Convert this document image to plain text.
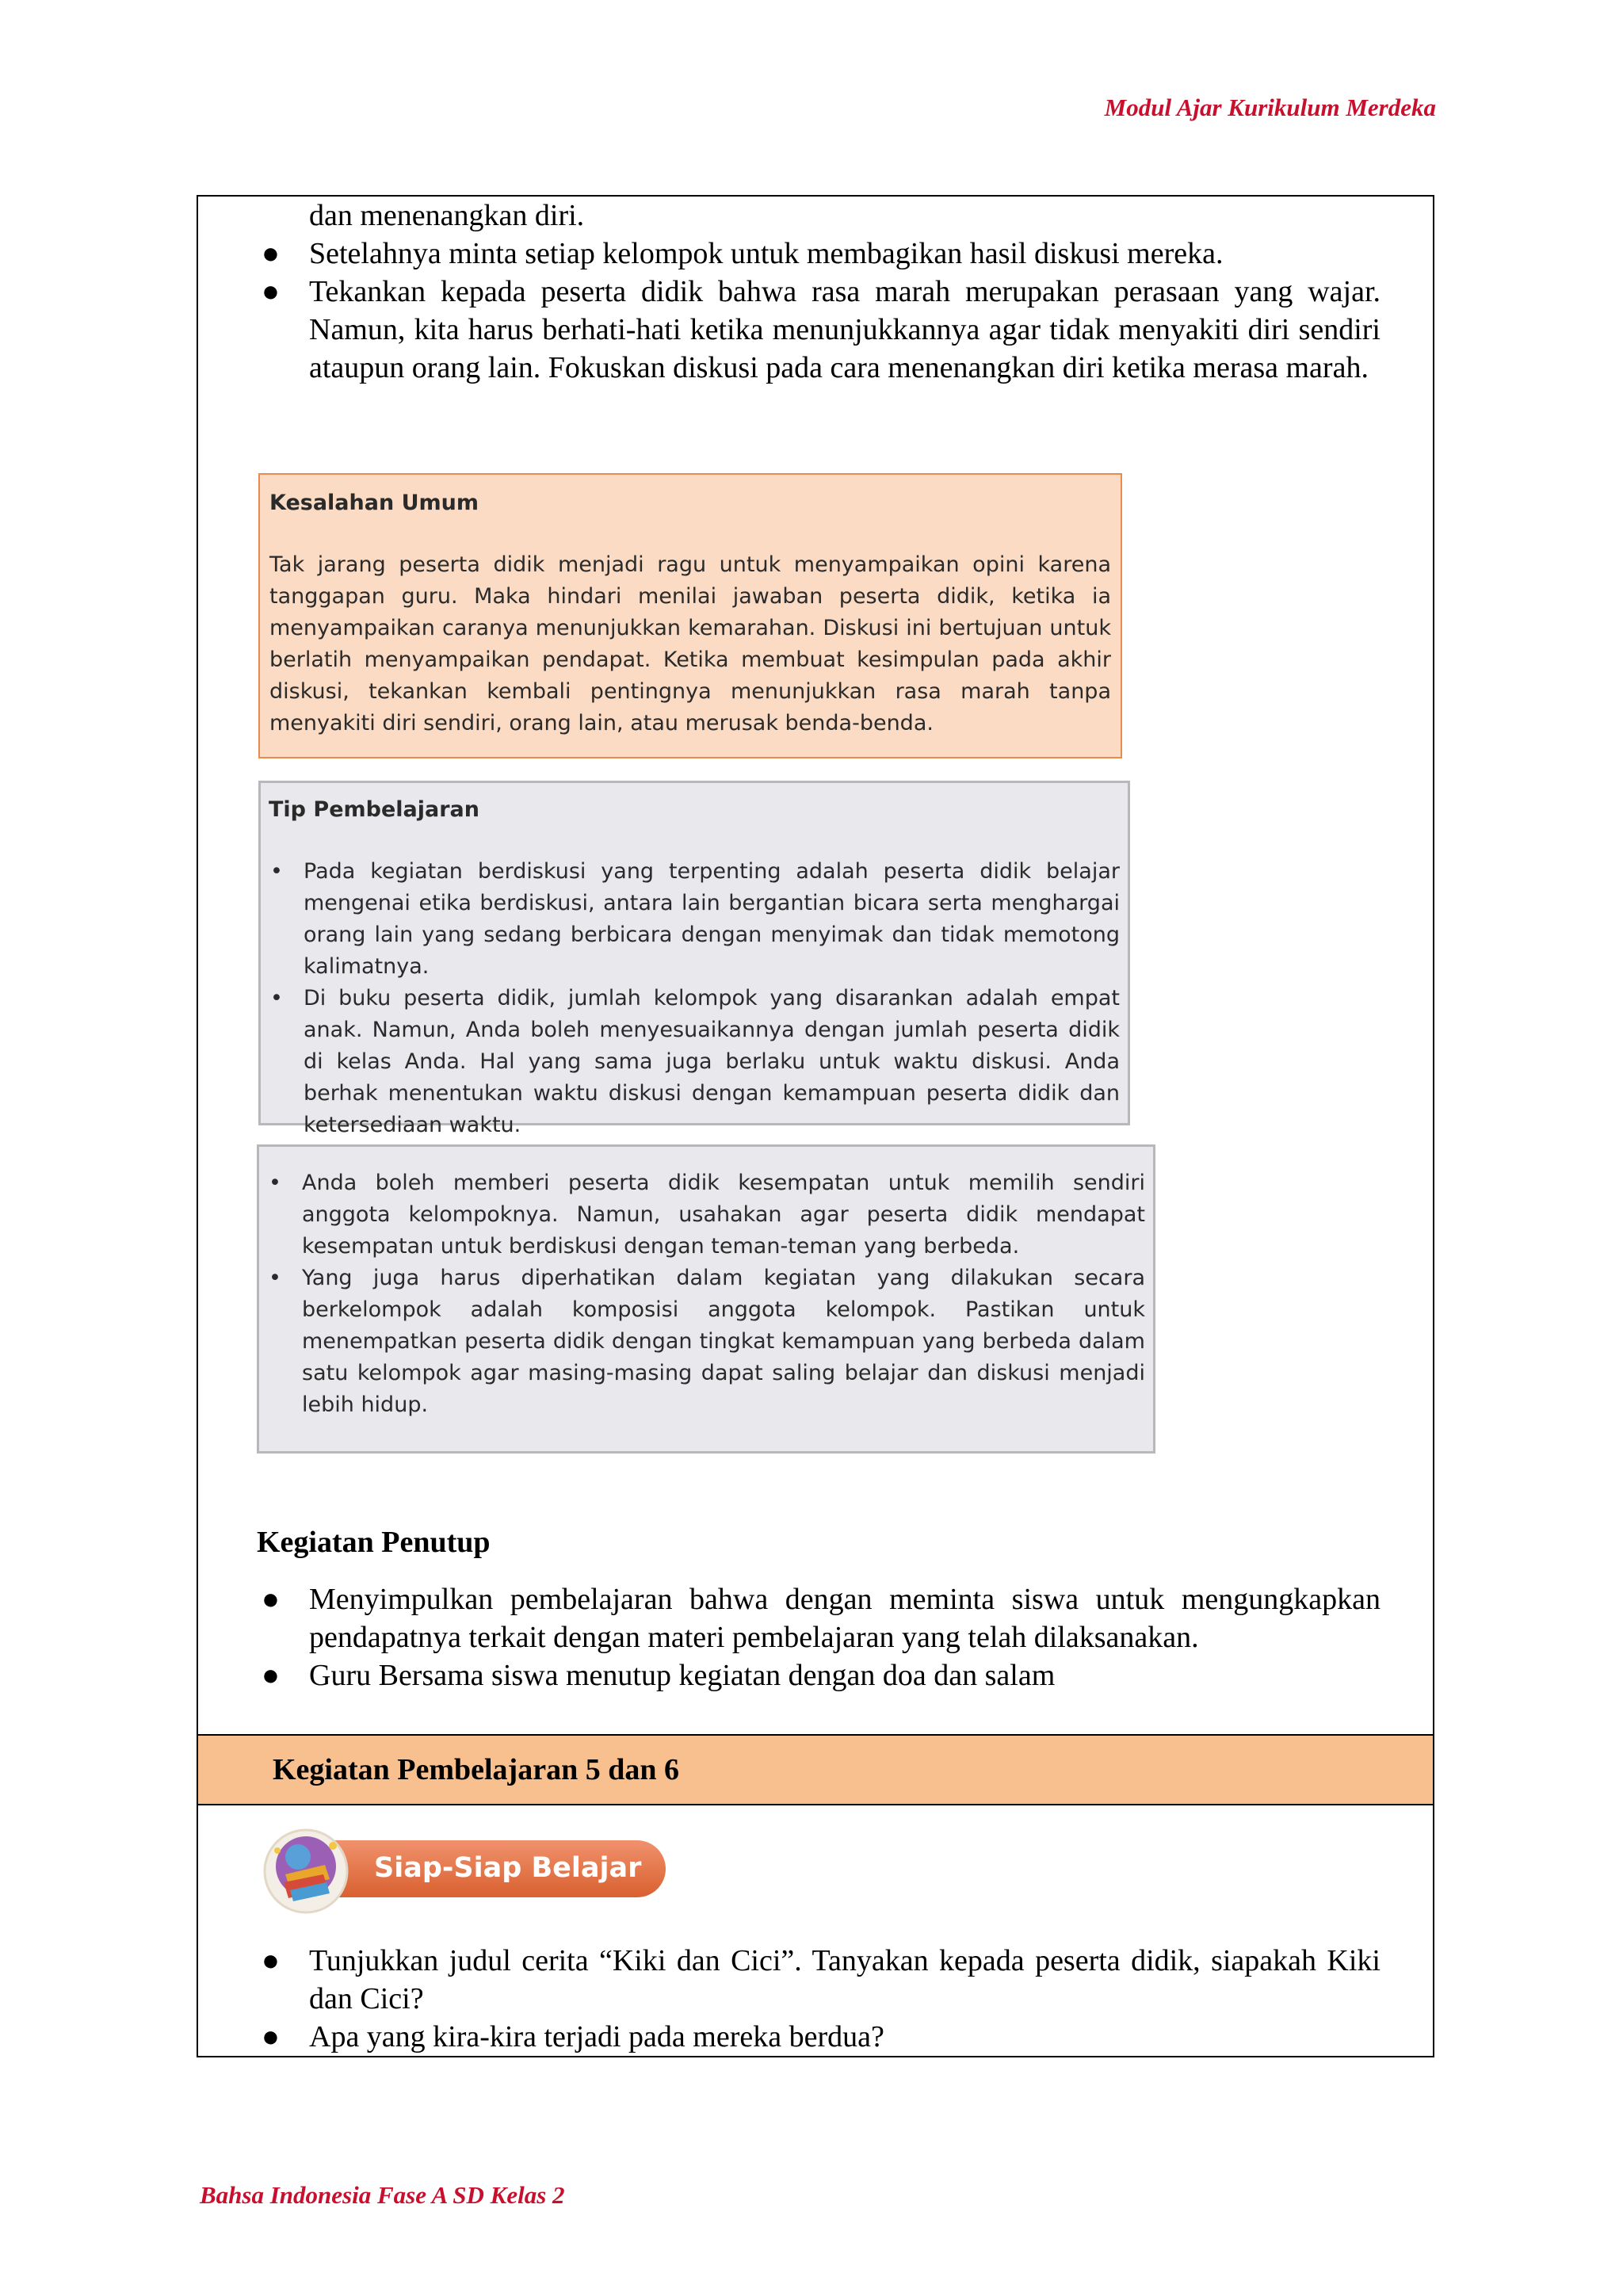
Modul Ajar Kurikulum Merdeka
dan menenangkan diri.
● Setelahnya minta setiap kelompok untuk membagikan hasil diskusi mereka.
● Tekankan kepada peserta didik bahwa rasa marah merupakan perasaan yang wajar. Namun, kita harus berhati-hati ketika menunjukkannya agar tidak menyakiti diri sendiri ataupun orang lain. Fokuskan diskusi pada cara menenangkan diri ketika merasa marah.
Kesalahan Umum
Tak jarang peserta didik menjadi ragu untuk menyampaikan opini karena tanggapan guru. Maka hindari menilai jawaban peserta didik, ketika ia menyampaikan caranya menunjukkan kemarahan. Diskusi ini bertujuan untuk berlatih menyampaikan pendapat. Ketika membuat kesimpulan pada akhir diskusi, tekankan kembali pentingnya menunjukkan rasa marah tanpa menyakiti diri sendiri, orang lain, atau merusak benda-benda.
Tip Pembelajaran
• Pada kegiatan berdiskusi yang terpenting adalah peserta didik belajar mengenai etika berdiskusi, antara lain bergantian bicara serta menghargai orang lain yang sedang berbicara dengan menyimak dan tidak memotong kalimatnya.
• Di buku peserta didik, jumlah kelompok yang disarankan adalah empat anak. Namun, Anda boleh menyesuaikannya dengan jumlah peserta didik di kelas Anda. Hal yang sama juga berlaku untuk waktu diskusi. Anda berhak menentukan waktu diskusi dengan kemampuan peserta didik dan ketersediaan waktu.
• Anda boleh memberi peserta didik kesempatan untuk memilih sendiri anggota kelompoknya. Namun, usahakan agar peserta didik mendapat kesempatan untuk berdiskusi dengan teman-teman yang berbeda.
• Yang juga harus diperhatikan dalam kegiatan yang dilakukan secara berkelompok adalah komposisi anggota kelompok. Pastikan untuk menempatkan peserta didik dengan tingkat kemampuan yang berbeda dalam satu kelompok agar masing-masing dapat saling belajar dan diskusi menjadi lebih hidup.
Kegiatan Penutup
● Menyimpulkan pembelajaran bahwa dengan meminta siswa untuk mengungkapkan pendapatnya terkait dengan materi pembelajaran yang telah dilaksanakan.
● Guru Bersama siswa menutup kegiatan dengan doa dan salam
Kegiatan Pembelajaran 5 dan 6
Siap-Siap Belajar
● Tunjukkan judul cerita “Kiki dan Cici”. Tanyakan kepada peserta didik, siapakah Kiki dan Cici?
● Apa yang kira-kira terjadi pada mereka berdua?
Bahsa Indonesia Fase A SD Kelas 2
